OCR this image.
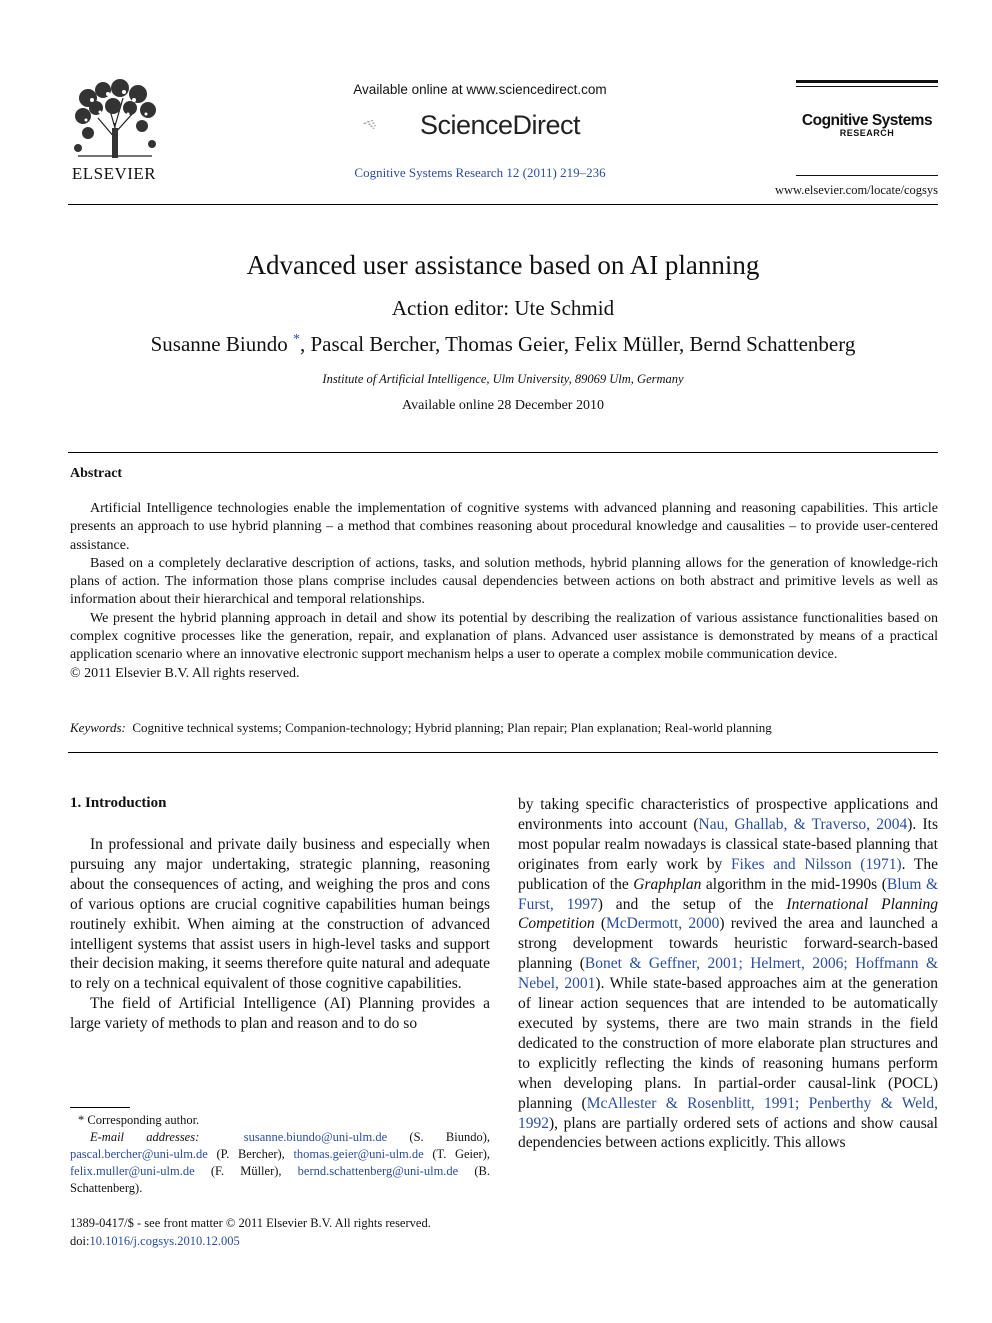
ELSEVIER
Available online at www.sciencedirect.com
ScienceDirect
Cognitive Systems Research 12 (2011) 219–236
Cognitive Systems
RESEARCH
www.elsevier.com/locate/cogsys
Advanced user assistance based on AI planning
Action editor: Ute Schmid
Susanne Biundo *, Pascal Bercher, Thomas Geier, Felix Müller, Bernd Schattenberg
Institute of Artificial Intelligence, Ulm University, 89069 Ulm, Germany
Available online 28 December 2010
Abstract

Artificial Intelligence technologies enable the implementation of cognitive systems with advanced planning and reasoning capabilities. This article presents an approach to use hybrid planning – a method that combines reasoning about procedural knowledge and causalities – to provide user-centered assistance.

Based on a completely declarative description of actions, tasks, and solution methods, hybrid planning allows for the generation of knowledge-rich plans of action. The information those plans comprise includes causal dependencies between actions on both abstract and primitive levels as well as information about their hierarchical and temporal relationships.

We present the hybrid planning approach in detail and show its potential by describing the realization of various assistance functionalities based on complex cognitive processes like the generation, repair, and explanation of plans. Advanced user assistance is demonstrated by means of a practical application scenario where an innovative electronic support mechanism helps a user to operate a complex mobile communication device.

© 2011 Elsevier B.V. All rights reserved.

Keywords: Cognitive technical systems; Companion-technology; Hybrid planning; Plan repair; Plan explanation; Real-world planning
1. Introduction

In professional and private daily business and especially when pursuing any major undertaking, strategic planning, reasoning about the consequences of acting, and weighing the pros and cons of various options are crucial cognitive capabilities human beings routinely exhibit. When aiming at the construction of advanced intelligent systems that assist users in high-level tasks and support their decision making, it seems therefore quite natural and adequate to rely on a technical equivalent of those cognitive capabilities.

The field of Artificial Intelligence (AI) Planning provides a large variety of methods to plan and reason and to do so

by taking specific characteristics of prospective applications and environments into account (Nau, Ghallab, & Traverso, 2004). Its most popular realm nowadays is classical state-based planning that originates from early work by Fikes and Nilsson (1971). The publication of the Graphplan algorithm in the mid-1990s (Blum & Furst, 1997) and the setup of the International Planning Competition (McDermott, 2000) revived the area and launched a strong development towards heuristic forward-search-based planning (Bonet & Geffner, 2001; Helmert, 2006; Hoffmann & Nebel, 2001). While state-based approaches aim at the generation of linear action sequences that are intended to be automatically executed by systems, there are two main strands in the field dedicated to the construction of more elaborate plan structures and to explicitly reflecting the kinds of reasoning humans perform when developing plans. In partial-order causal-link (POCL) planning (McAllester & Rosenblitt, 1991; Penberthy & Weld, 1992), plans are partially ordered sets of actions and show causal dependencies between actions explicitly. This allows

* Corresponding author.
E-mail addresses:	susanne.biundo@uni-ulm.de (S. Biundo), pascal.bercher@uni-ulm.de (P. Bercher), thomas.geier@uni-ulm.de (T. Geier), felix.muller@uni-ulm.de (F. Müller), bernd.schattenberg@uni-ulm.de (B. Schattenberg).
1389-0417/$ - see front matter © 2011 Elsevier B.V. All rights reserved.
doi:10.1016/j.cogsys.2010.12.005
